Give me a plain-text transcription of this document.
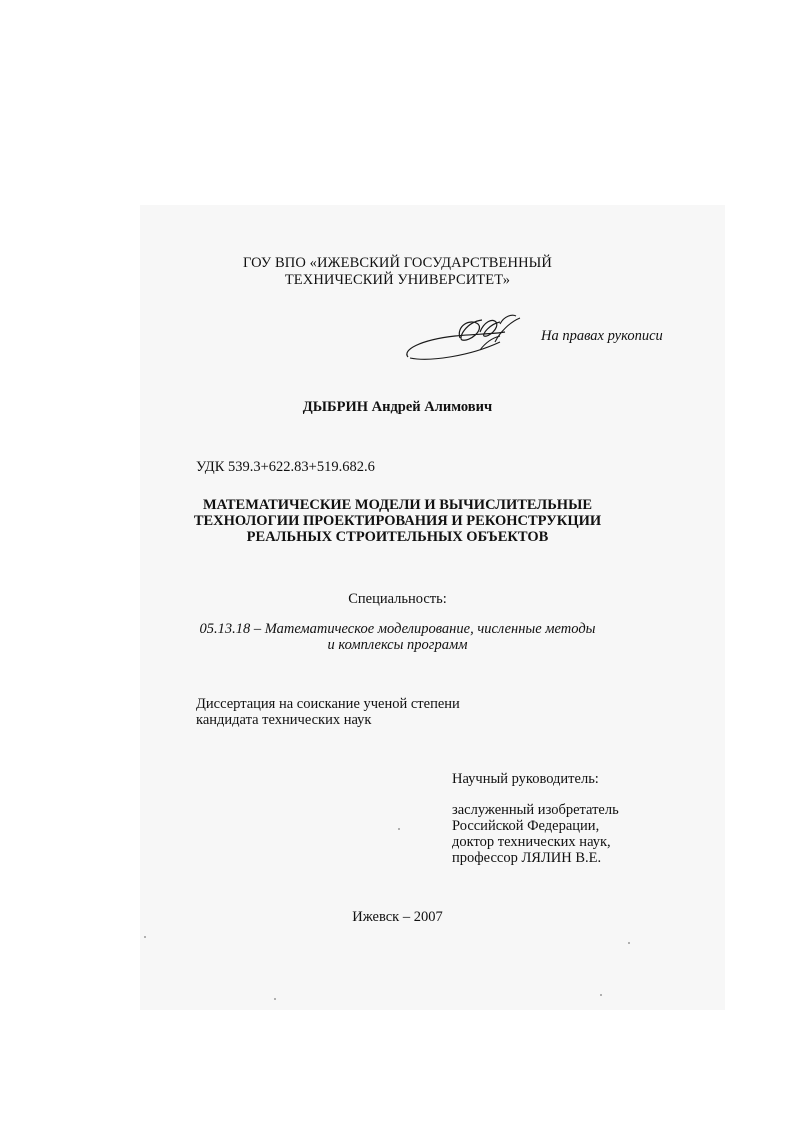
ГОУ ВПО «ИЖЕВСКИЙ ГОСУДАРСТВЕННЫЙ
ТЕХНИЧЕСКИЙ УНИВЕРСИТЕТ»
На правах рукописи
ДЫБРИН Андрей Алимович
УДК 539.3+622.83+519.682.6
МАТЕМАТИЧЕСКИЕ МОДЕЛИ И ВЫЧИСЛИТЕЛЬНЫЕ
ТЕХНОЛОГИИ ПРОЕКТИРОВАНИЯ И РЕКОНСТРУКЦИИ
РЕАЛЬНЫХ СТРОИТЕЛЬНЫХ ОБЪЕКТОВ
Специальность:
05.13.18 – Математическое моделирование, численные методы
и комплексы программ
Диссертация на соискание ученой степени
кандидата технических наук
Научный руководитель:
заслуженный изобретатель
Российской Федерации,
доктор технических наук,
профессор ЛЯЛИН В.Е.
Ижевск – 2007
